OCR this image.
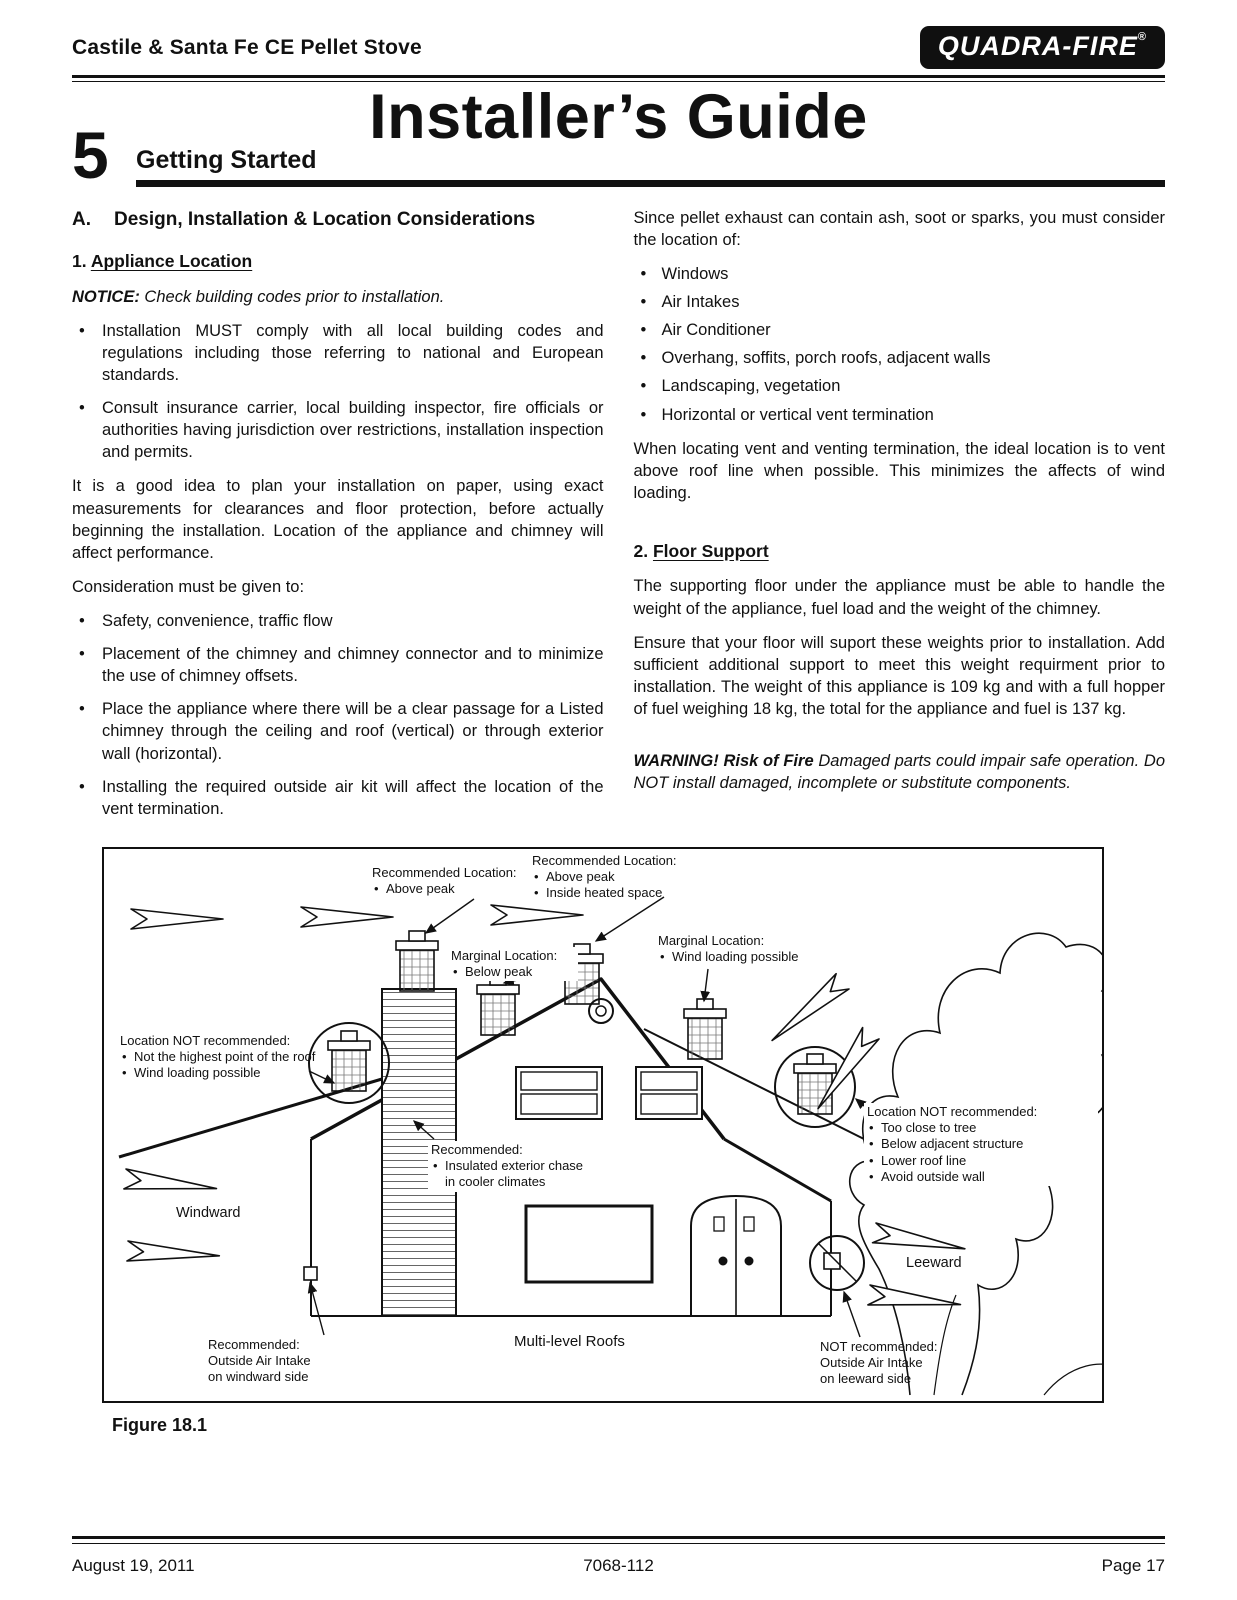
Castile & Santa Fe CE Pellet Stove	QUADRA-FIRE®
Installer’s Guide
5	Getting Started
A.	Design, Installation & Location Considerations
1. Appliance Location
NOTICE: Check building codes prior to installation.
• Installation MUST comply with all local building codes and regulations including those referring to national and European standards.
• Consult insurance carrier, local building inspector, fire officials or authorities having jurisdiction over restrictions, installation inspection and permits.
It is a good idea to plan your installation on paper, using exact measurements for clearances and floor protection, before actually beginning the installation. Location of the appliance and chimney will affect performance.
Consideration must be given to:
• Safety, convenience, traffic flow
• Placement of the chimney and chimney connector and to minimize the use of chimney offsets.
• Place the appliance where there will be a clear passage for a Listed chimney through the ceiling and roof (vertical) or through exterior wall (horizontal).
• Installing the required outside air kit will affect the location of the vent termination.
Since pellet exhaust can contain ash, soot or sparks, you must consider the location of:
• Windows
• Air Intakes
• Air Conditioner
• Overhang, soffits, porch roofs, adjacent walls
• Landscaping, vegetation
• Horizontal or vertical vent termination
When locating vent and venting termination, the ideal location is to vent above roof line when possible. This minimizes the affects of wind loading.
2. Floor Support
The supporting floor under the appliance must be able to handle the weight of the appliance, fuel load and the weight of the chimney.
Ensure that your floor will suport these weights prior to installation. Add sufficient additional support to meet this weight requirment prior to installation. The weight of this appliance is 109 kg and with a full hopper of fuel weighing 18 kg, the total for the appliance and fuel is 137 kg.
WARNING! Risk of Fire Damaged parts could impair safe operation. Do NOT install damaged, incomplete or substitute components.
Recommended Location:
• Above peak
Recommended Location:
• Above peak
• Inside heated space
Marginal Location:
• Below peak
Marginal Location:
• Wind loading possible
Location NOT recommended:
• Not the highest point of the roof
• Wind loading possible
Recommended:
• Insulated exterior chase in cooler climates
Location NOT recommended:
• Too close to tree
• Below adjacent structure
• Lower roof line
• Avoid outside wall
Windward
Leeward
Recommended:
Outside Air Intake
on windward side
NOT recommended:
Outside Air Intake
on leeward side
Multi-level Roofs
Figure 18.1
August 19, 2011	7068-112	Page 17
